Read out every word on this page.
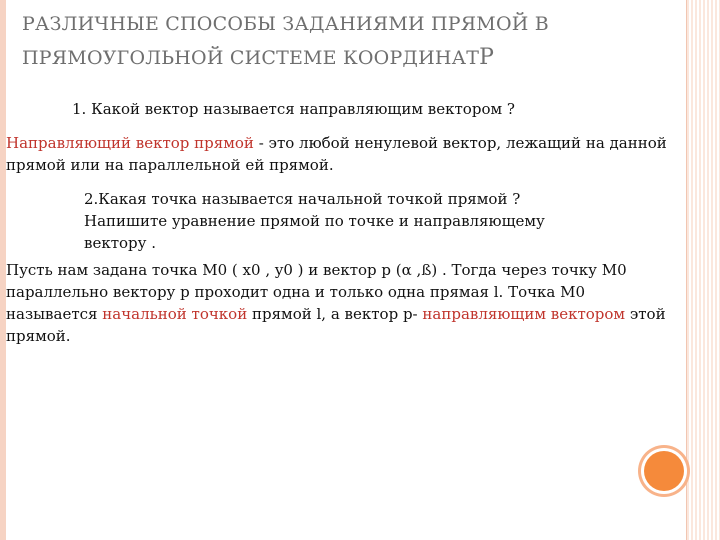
РАЗЛИЧНЫЕ СПОСОБЫ ЗАДАНИЯМИ ПРЯМОЙ В
ПРЯМОУГОЛЬНОЙ СИСТЕМЕ КООРДИНАТР
1. Какой вектор называется направляющим вектором ?
Направляющий вектор прямой - это любой ненулевой вектор, лежащий на данной прямой или на параллельной ей прямой.
2.Какая точка называется начальной точкой прямой ?
Напишите уравнение прямой по точке и направляющему
вектору .
Пусть нам задана точка М0 ( x0 , y0 ) и вектор p (α ,ß) . Тогда через точку М0 параллельно вектору p проходит одна и только одна прямая l. Точка М0 называется начальной точкой прямой l, а вектор p- направляющим вектором этой прямой.
